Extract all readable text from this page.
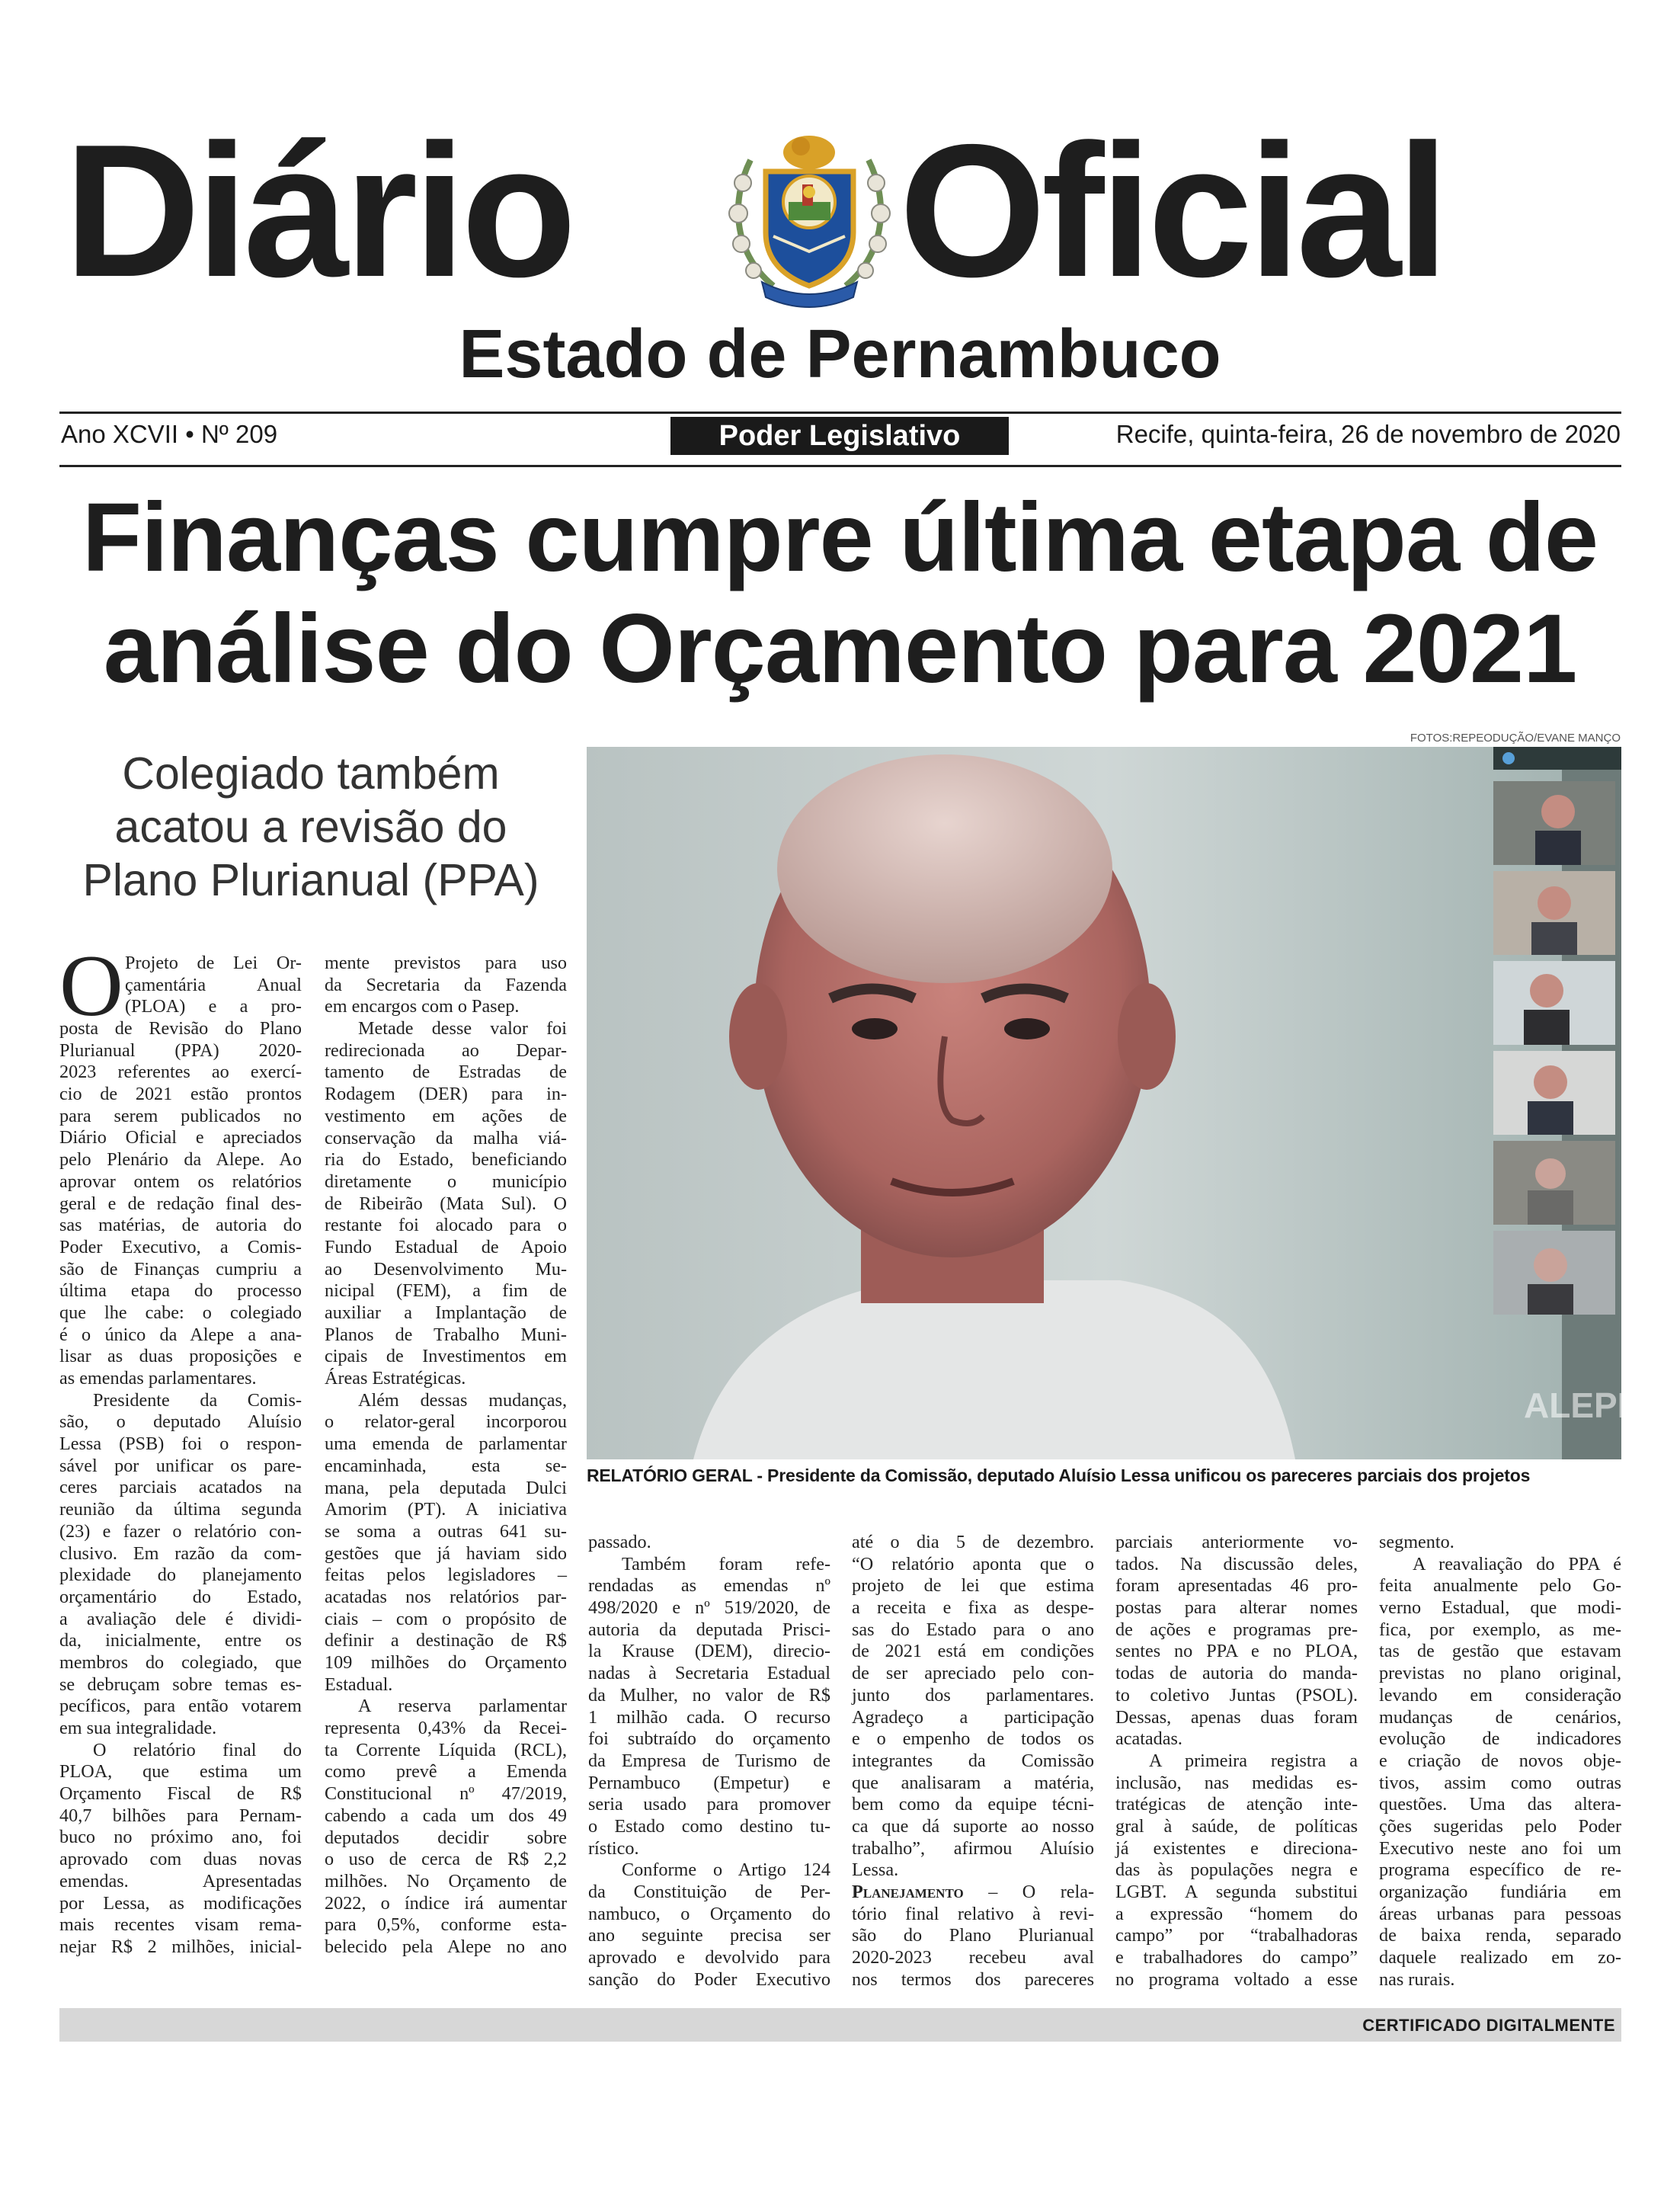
Diário Oficial
Estado de Pernambuco
Ano XCVII • Nº 209	Poder Legislativo	Recife, quinta-feira, 26 de novembro de 2020
Finanças cumpre última etapa de
análise do Orçamento para 2021
FOTOS:REPEODUÇÃO/EVANE MANÇO
Colegiado também
acatou a revisão do
Plano Plurianual (PPA)
ALEPE
RELATÓRIO GERAL - Presidente da Comissão, deputado Aluísio Lessa unificou os pareceres parciais dos projetos
O Projeto de Lei Or-
çamentária Anual
(PLOA) e a pro-
posta de Revisão do Plano
Plurianual (PPA) 2020-
2023 referentes ao exercí-
cio de 2021 estão prontos
para serem publicados no
Diário Oficial e apreciados
pelo Plenário da Alepe. Ao
aprovar ontem os relatórios
geral e de redação final des-
sas matérias, de autoria do
Poder Executivo, a Comis-
são de Finanças cumpriu a
última etapa do processo
que lhe cabe: o colegiado
é o único da Alepe a ana-
lisar as duas proposições e
as emendas parlamentares.
Presidente da Comis-
são, o deputado Aluísio
Lessa (PSB) foi o respon-
sável por unificar os pare-
ceres parciais acatados na
reunião da última segunda
(23) e fazer o relatório con-
clusivo. Em razão da com-
plexidade do planejamento
orçamentário do Estado,
a avaliação dele é dividi-
da, inicialmente, entre os
membros do colegiado, que
se debruçam sobre temas es-
pecíficos, para então votarem
em sua integralidade.
O relatório final do
PLOA, que estima um
Orçamento Fiscal de R$
40,7 bilhões para Pernam-
buco no próximo ano, foi
aprovado com duas novas
emendas. Apresentadas
por Lessa, as modificações
mais recentes visam rema-
nejar R$ 2 milhões, inicial-
mente previstos para uso
da Secretaria da Fazenda
em encargos com o Pasep.
Metade desse valor foi
redirecionada ao Depar-
tamento de Estradas de
Rodagem (DER) para in-
vestimento em ações de
conservação da malha viá-
ria do Estado, beneficiando
diretamente o município
de Ribeirão (Mata Sul). O
restante foi alocado para o
Fundo Estadual de Apoio
ao Desenvolvimento Mu-
nicipal (FEM), a fim de
auxiliar a Implantação de
Planos de Trabalho Muni-
cipais de Investimentos em
Áreas Estratégicas.
Além dessas mudanças,
o relator-geral incorporou
uma emenda de parlamentar
encaminhada, esta se-
mana, pela deputada Dulci
Amorim (PT). A iniciativa
se soma a outras 641 su-
gestões que já haviam sido
feitas pelos legisladores –
acatadas nos relatórios par-
ciais – com o propósito de
definir a destinação de R$
109 milhões do Orçamento
Estadual.
A reserva parlamentar
representa 0,43% da Recei-
ta Corrente Líquida (RCL),
como prevê a Emenda
Constitucional nº 47/2019,
cabendo a cada um dos 49
deputados decidir sobre
o uso de cerca de R$ 2,2
milhões. No Orçamento de
2022, o índice irá aumentar
para 0,5%, conforme esta-
belecido pela Alepe no ano
passado.
Também foram refe-
rendadas as emendas nº
498/2020 e nº 519/2020, de
autoria da deputada Prisci-
la Krause (DEM), direcio-
nadas à Secretaria Estadual
da Mulher, no valor de R$
1 milhão cada. O recurso
foi subtraído do orçamento
da Empresa de Turismo de
Pernambuco (Empetur) e
seria usado para promover
o Estado como destino tu-
rístico.
Conforme o Artigo 124
da Constituição de Per-
nambuco, o Orçamento do
ano seguinte precisa ser
aprovado e devolvido para
sanção do Poder Executivo
até o dia 5 de dezembro.
“O relatório aponta que o
projeto de lei que estima
a receita e fixa as despe-
sas do Estado para o ano
de 2021 está em condições
de ser apreciado pelo con-
junto dos parlamentares.
Agradeço a participação
e o empenho de todos os
integrantes da Comissão
que analisaram a matéria,
bem como da equipe técni-
ca que dá suporte ao nosso
trabalho”, afirmou Aluísio
Lessa.
Planejamento – O rela-
tório final relativo à revi-
são do Plano Plurianual
2020-2023 recebeu aval
nos termos dos pareceres
parciais anteriormente vo-
tados. Na discussão deles,
foram apresentadas 46 pro-
postas para alterar nomes
de ações e programas pre-
sentes no PPA e no PLOA,
todas de autoria do manda-
to coletivo Juntas (PSOL).
Dessas, apenas duas foram
acatadas.
A primeira registra a
inclusão, nas medidas es-
tratégicas de atenção inte-
gral à saúde, de políticas
já existentes e direciona-
das às populações negra e
LGBT. A segunda substitui
a expressão “homem do
campo” por “trabalhadoras
e trabalhadores do campo”
no programa voltado a esse
segmento.
A reavaliação do PPA é
feita anualmente pelo Go-
verno Estadual, que modi-
fica, por exemplo, as me-
tas de gestão que estavam
previstas no plano original,
levando em consideração
mudanças de cenários,
evolução de indicadores
e criação de novos obje-
tivos, assim como outras
questões. Uma das altera-
ções sugeridas pelo Poder
Executivo neste ano foi um
programa específico de re-
organização fundiária em
áreas urbanas para pessoas
de baixa renda, separado
daquele realizado em zo-
nas rurais.
CERTIFICADO DIGITALMENTE
